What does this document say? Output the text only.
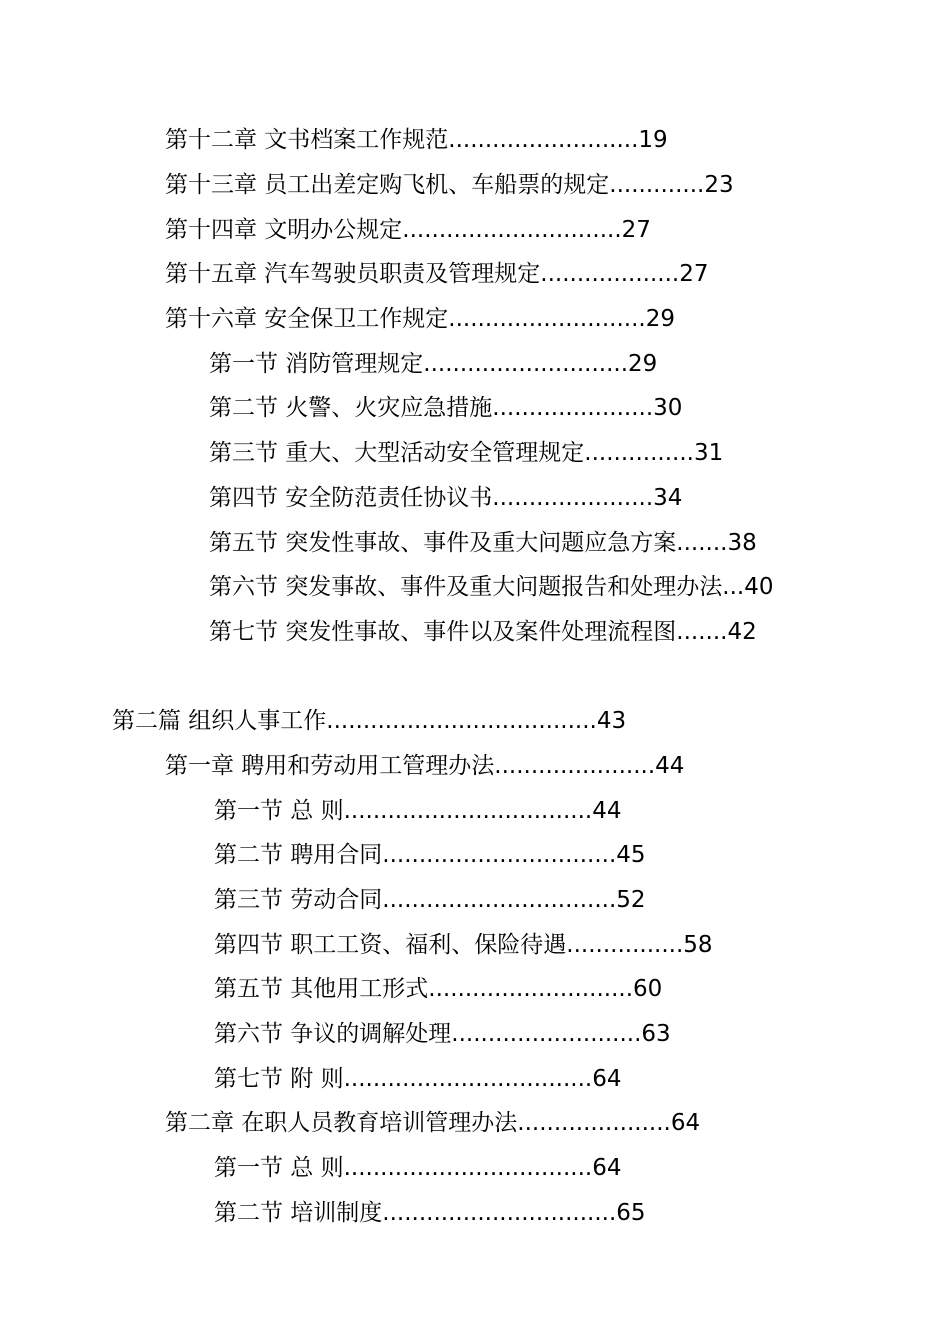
第十二章 文书档案工作规范..........................19
第十三章 员工出差定购飞机、车船票的规定.............23
第十四章 文明办公规定..............................27
第十五章 汽车驾驶员职责及管理规定...................27
第十六章 安全保卫工作规定...........................29
第一节 消防管理规定............................29
第二节 火警、火灾应急措施......................30
第三节 重大、大型活动安全管理规定...............31
第四节 安全防范责任协议书......................34
第五节 突发性事故、事件及重大问题应急方案.......38
第六节 突发事故、事件及重大问题报告和处理办法...40
第七节 突发性事故、事件以及案件处理流程图.......42
第二篇 组织人事工作.....................................43
第一章 聘用和劳动用工管理办法......................44
第一节 总 则..................................44
第二节 聘用合同................................45
第三节 劳动合同................................52
第四节 职工工资、福利、保险待遇................58
第五节 其他用工形式............................60
第六节 争议的调解处理..........................63
第七节 附 则..................................64
第二章 在职人员教育培训管理办法.....................64
第一节 总 则..................................64
第二节 培训制度................................65
